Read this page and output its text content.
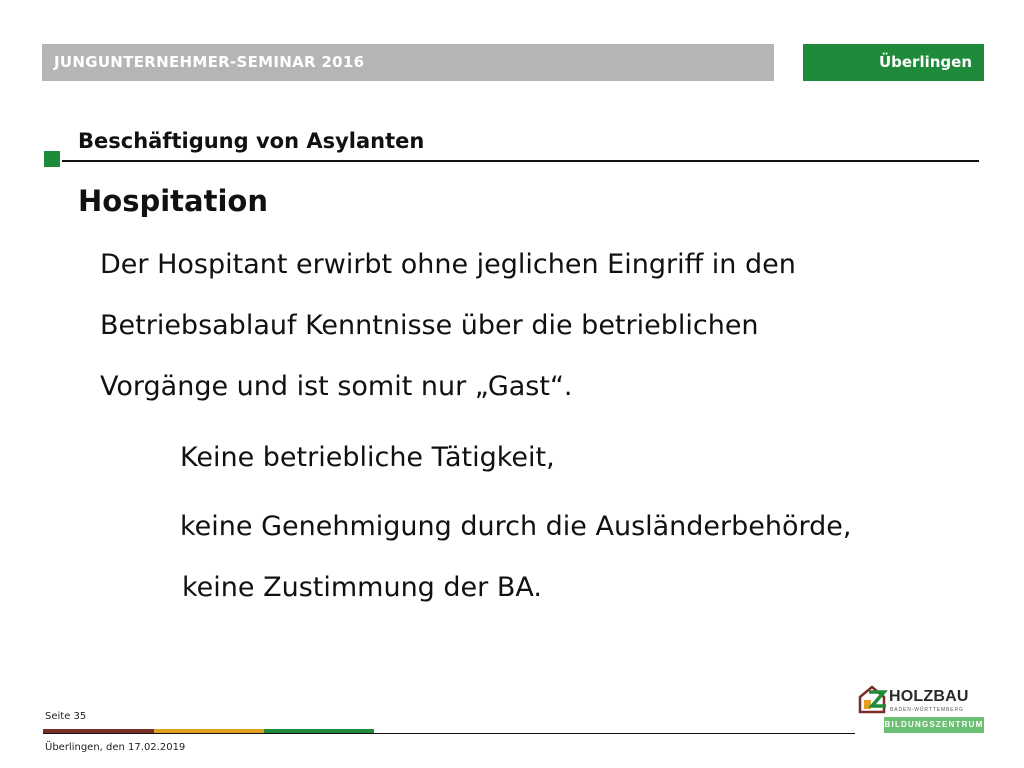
JUNGUNTERNEHMER-SEMINAR 2016	Überlingen
Beschäftigung von Asylanten
Hospitation
Der Hospitant erwirbt ohne jeglichen Eingriff in den
Betriebsablauf Kenntnisse über die betrieblichen
Vorgänge und ist somit nur „Gast“.
Keine betriebliche Tätigkeit,
keine Genehmigung durch die Ausländerbehörde,
keine Zustimmung der BA.
Seite 35
Überlingen, den 17.02.2019
HOLZBAU
BADEN-WÜRTTEMBERG
BILDUNGSZENTRUM
